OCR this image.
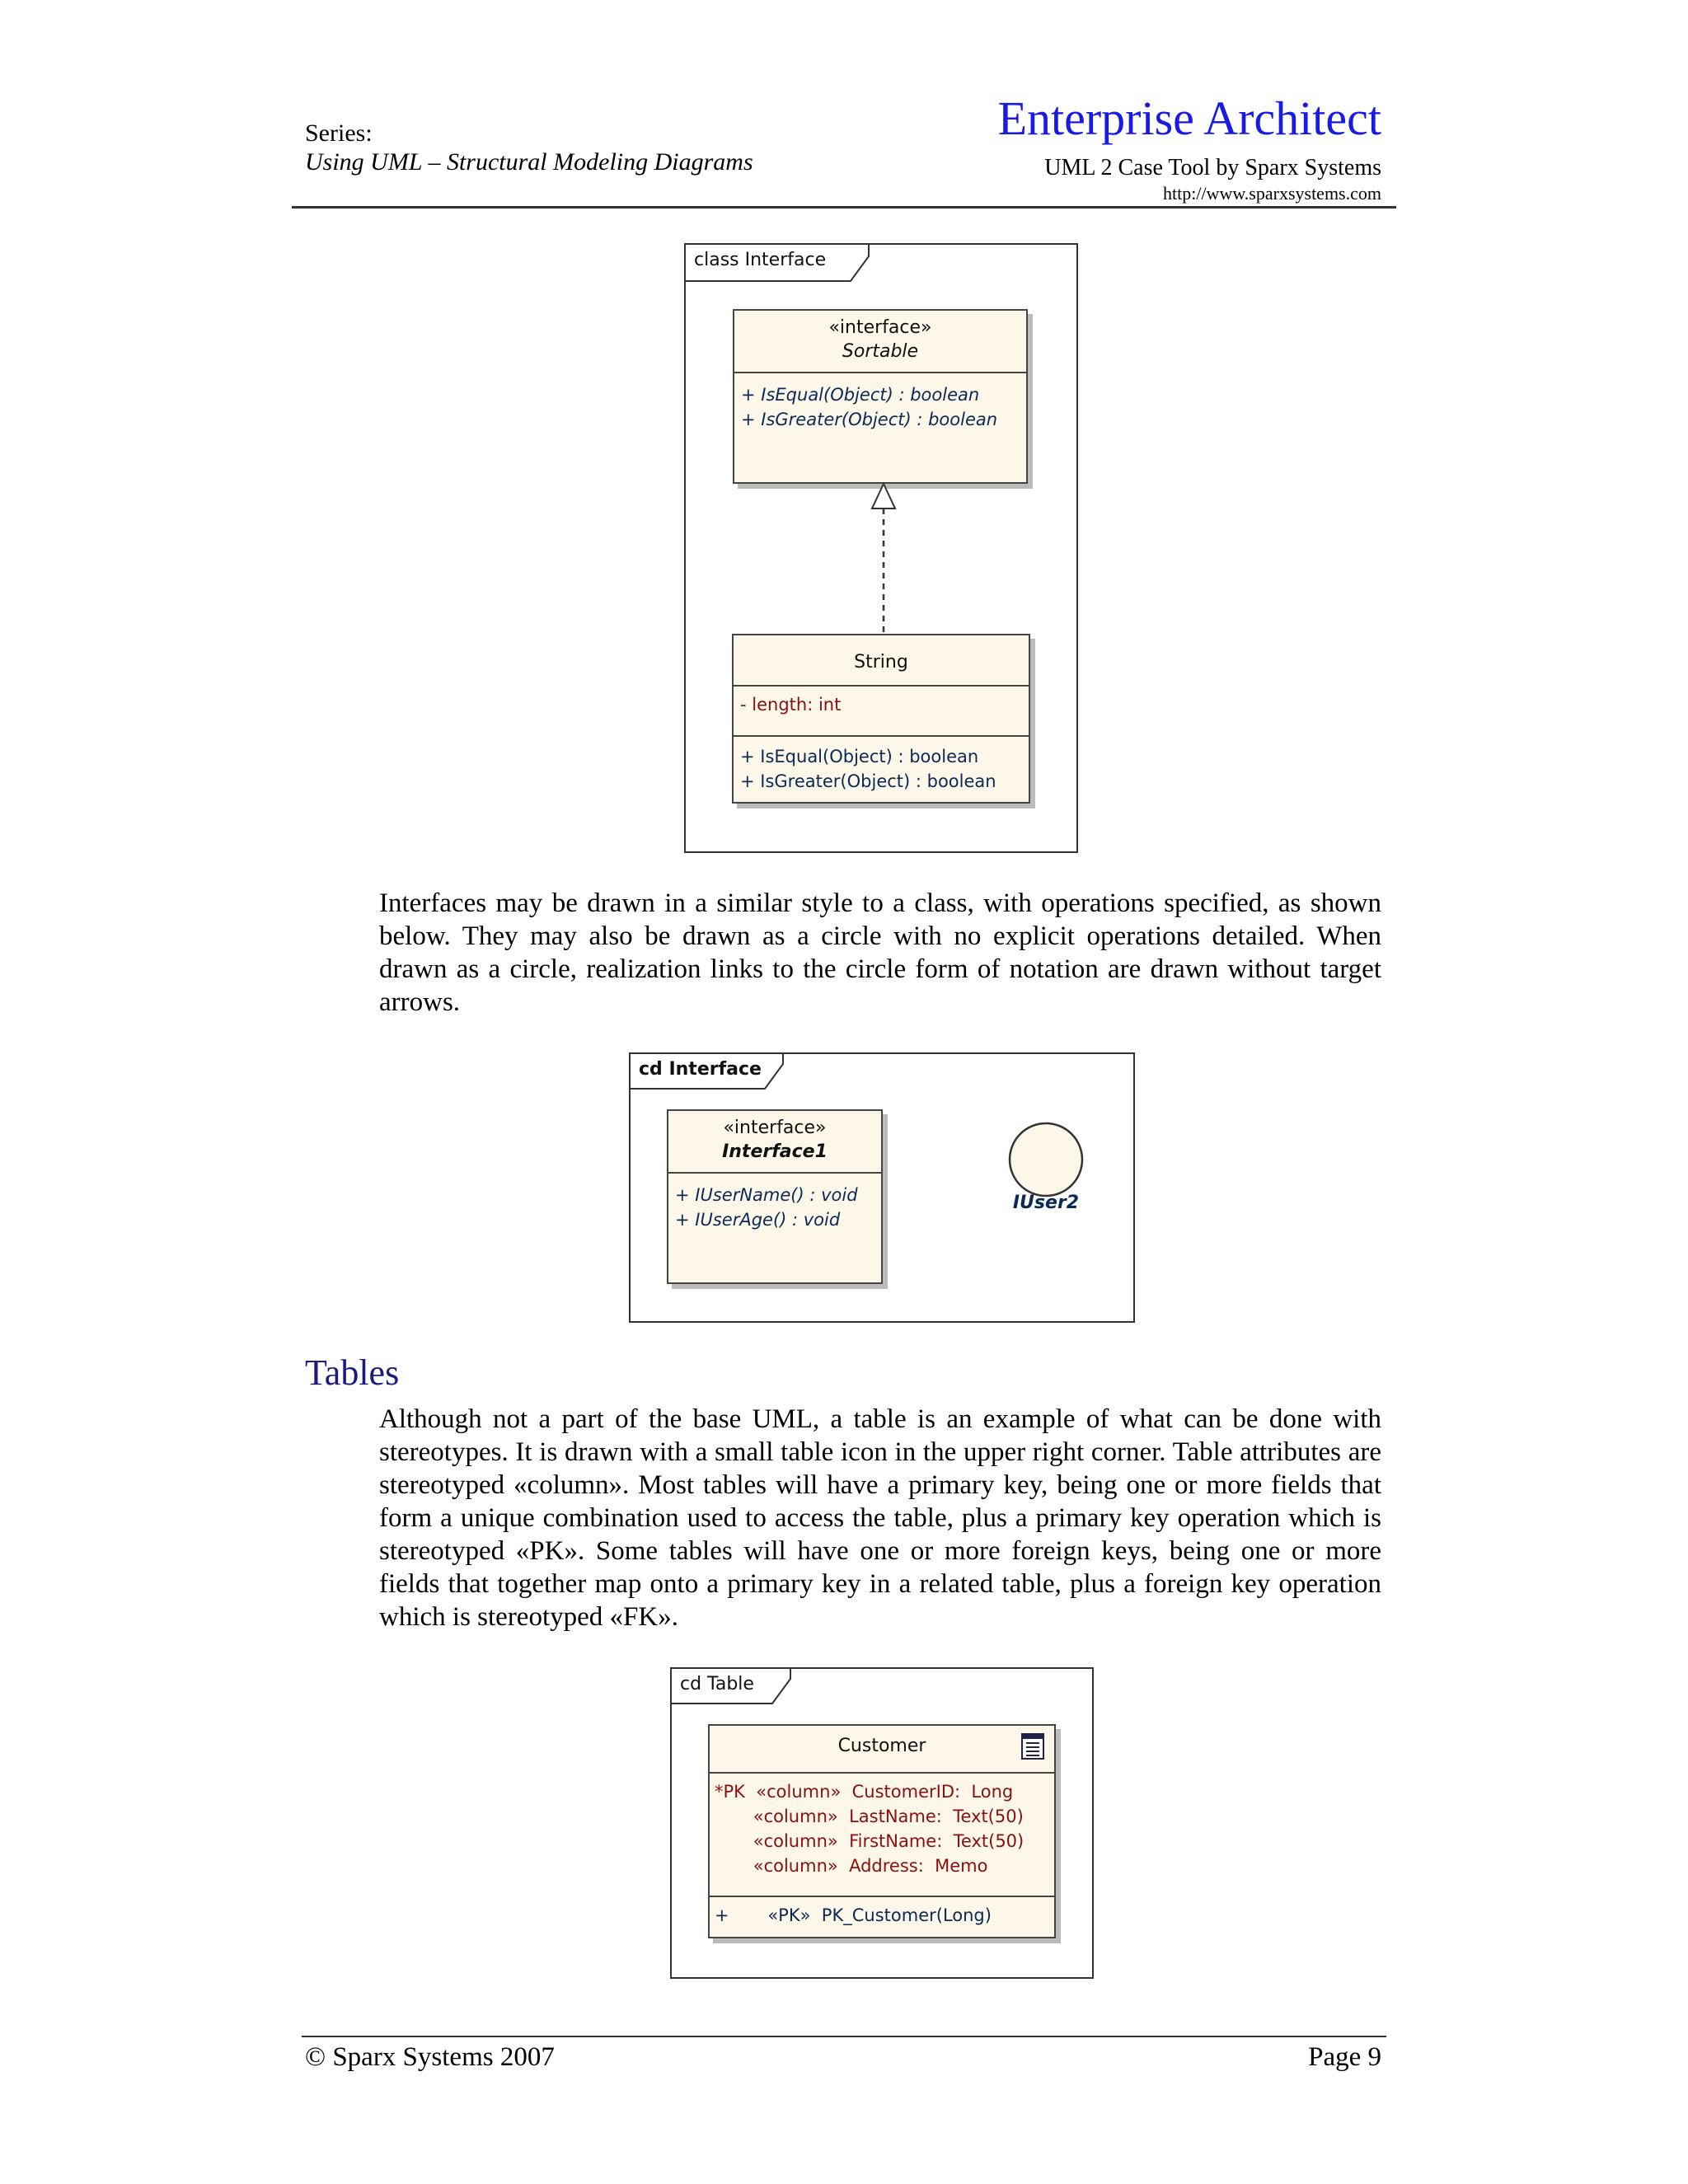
Series:
Using UML – Structural Modeling Diagrams
Enterprise Architect
UML 2 Case Tool by Sparx Systems
http://www.sparxsystems.com
class Interface
«interface»
Sortable
+ IsEqual(Object) : boolean
+ IsGreater(Object) : boolean
String
- length: int
+ IsEqual(Object) : boolean
+ IsGreater(Object) : boolean
Interfaces may be drawn in a similar style to a class, with operations specified, as shown below. They may also be drawn as a circle with no explicit operations detailed. When drawn as a circle, realization links to the circle form of notation are drawn without target arrows.
cd Interface
«interface»
Interface1
+ IUserName() : void
+ IUserAge() : void
IUser2
Tables
Although not a part of the base UML, a table is an example of what can be done with stereotypes. It is drawn with a small table icon in the upper right corner. Table attributes are stereotyped «column». Most tables will have a primary key, being one or more fields that form a unique combination used to access the table, plus a primary key operation which is stereotyped «PK». Some tables will have one or more foreign keys, being one or more fields that together map onto a primary key in a related table, plus a foreign key operation which is stereotyped «FK».
cd Table
Customer
*PK  «column»  CustomerID:  Long
«column»  LastName:  Text(50)
«column»  FirstName:  Text(50)
«column»  Address:  Memo
+       «PK»  PK_Customer(Long)
© Sparx Systems 2007	Page 9
